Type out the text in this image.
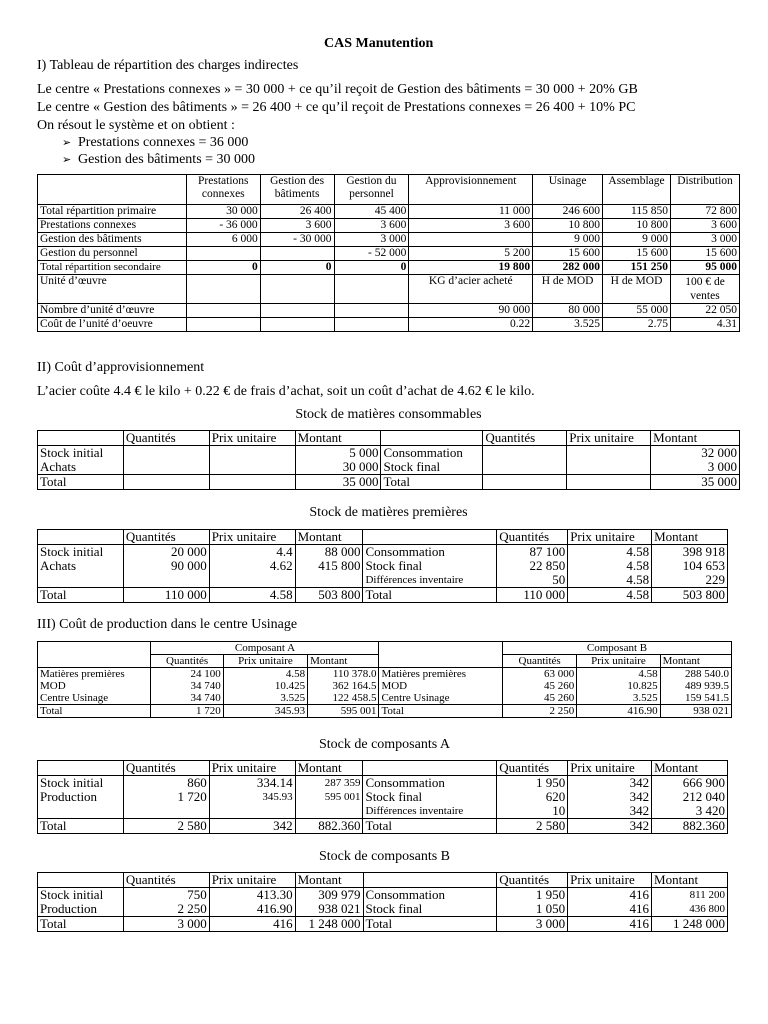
CAS Manutention
I) Tableau de répartition des charges indirectes
Le centre « Prestations connexes » = 30 000 + ce qu’il reçoit de Gestion des bâtiments = 30 000 + 20% GB
Le centre « Gestion des bâtiments » = 26 400 + ce qu’il reçoit de Prestations connexes = 26 400 + 10% PC
On résout le système et on obtient :
➢ Prestations connexes = 36 000
➢ Gestion des bâtiments = 30 000
	Prestations connexes	Gestion des bâtiments	Gestion du personnel	Approvisionnement	Usinage	Assemblage	Distribution
Total répartition primaire	30 000	26 400	45 400	11 000	246 600	115 850	72 800
Prestations connexes	- 36 000	3 600	3 600	3 600	10 800	10 800	3 600
Gestion des bâtiments	6 000	- 30 000	3 000		9 000	9 000	3 000
Gestion du personnel			- 52 000	5 200	15 600	15 600	15 600
Total répartition secondaire	0	0	0	19 800	282 000	151 250	95 000
Unité d’œuvre				KG d’acier acheté	H de MOD	H de MOD	100 € de ventes
Nombre d’unité d’œuvre				90 000	80 000	55 000	22 050
Coût de l’unité d’oeuvre				0.22	3.525	2.75	4.31
II) Coût d’approvisionnement
L’acier coûte 4.4 € le kilo + 0.22 € de frais d’achat, soit un coût d’achat de 4.62 € le kilo.
Stock de matières consommables
	Quantités	Prix unitaire	Montant		Quantités	Prix unitaire	Montant
Stock initial			5 000	Consommation			32 000
Achats			30 000	Stock final			3 000
Total			35 000	Total			35 000
Stock de matières premières
	Quantités	Prix unitaire	Montant		Quantités	Prix unitaire	Montant
Stock initial	20 000	4.4	88 000	Consommation	87 100	4.58	398 918
Achats	90 000	4.62	415 800	Stock final	22 850	4.58	104 653
				Différences inventaire	50	4.58	229
Total	110 000	4.58	503 800	Total	110 000	4.58	503 800
III) Coût de production dans le centre Usinage
	Composant A				Composant B		
	Quantités	Prix unitaire	Montant		Quantités	Prix unitaire	Montant
Matières premières	24 100	4.58	110 378.0	Matières premières	63 000	4.58	288 540.0
MOD	34 740	10.425	362 164.5	MOD	45 260	10.825	489 939.5
Centre Usinage	34 740	3.525	122 458.5	Centre Usinage	45 260	3.525	159 541.5
Total	1 720	345.93	595 001	Total	2 250	416.90	938 021
Stock de composants A
	Quantités	Prix unitaire	Montant		Quantités	Prix unitaire	Montant
Stock initial	860	334.14	287 359	Consommation	1 950	342	666 900
Production	1 720	345.93	595 001	Stock final	620	342	212 040
				Différences inventaire	10	342	3 420
Total	2 580	342	882.360	Total	2 580	342	882.360
Stock de composants B
	Quantités	Prix unitaire	Montant		Quantités	Prix unitaire	Montant
Stock initial	750	413.30	309 979	Consommation	1 950	416	811 200
Production	2 250	416.90	938 021	Stock final	1 050	416	436 800
Total	3 000	416	1 248 000	Total	3 000	416	1 248 000
